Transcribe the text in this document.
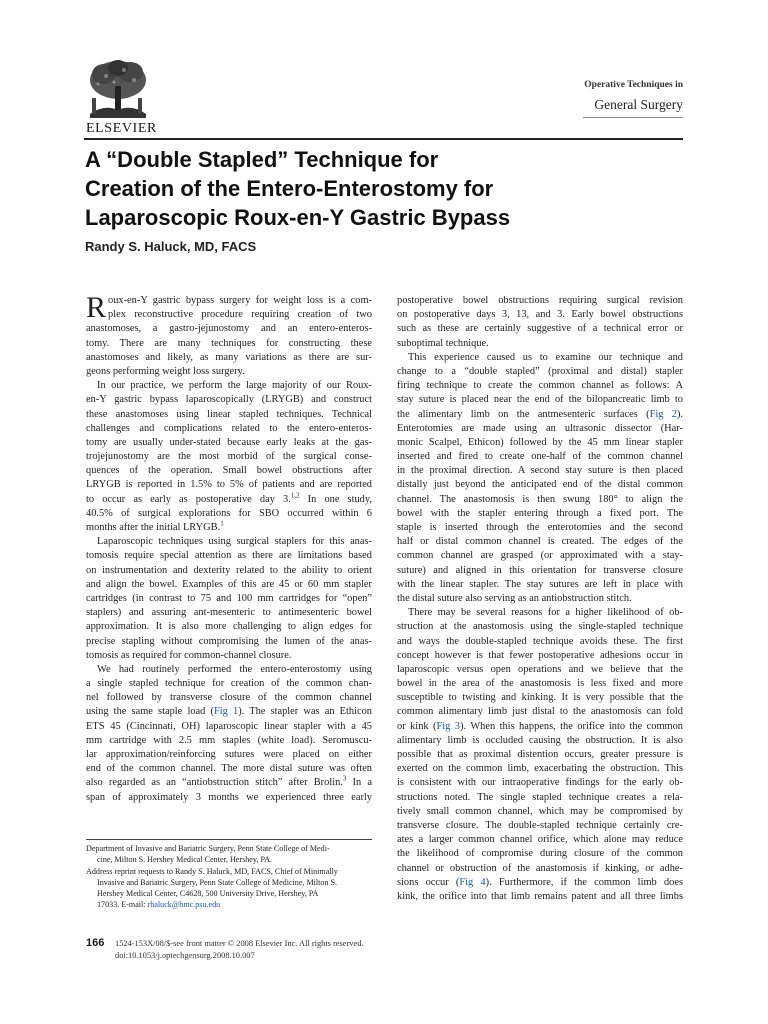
ELSEVIER
Operative Techniques in
General Surgery
A “Double Stapled” Technique for
Creation of the Entero-Enterostomy for
Laparoscopic Roux-en-Y Gastric Bypass
Randy S. Haluck, MD, FACS
R oux-en-Y gastric bypass surgery for weight loss is a com-
plex reconstructive procedure requiring creation of two
anastomoses, a gastro-jejunostomy and an entero-enteros-
tomy. There are many techniques for constructing these
anastomoses and likely, as many variations as there are sur-
geons performing weight loss surgery.
In our practice, we perform the large majority of our Roux-
en-Y gastric bypass laparoscopically (LRYGB) and construct
these anastomoses using linear stapled techniques. Technical
challenges and complications related to the entero-enteros-
tomy are usually under-stated because early leaks at the gas-
trojejunostomy are the most morbid of the surgical conse-
quences of the operation. Small bowel obstructions after
LRYGB is reported in 1.5% to 5% of patients and are reported
to occur as early as postoperative day 3.$^{1,2}$ In one study,
40.5% of surgical explorations for SBO occurred within 6
months after the initial LRYGB.$^1$
Laparoscopic techniques using surgical staplers for this anas-
tomosis require special attention as there are limitations based
on instrumentation and dexterity related to the ability to orient
and align the bowel. Examples of this are 45 or 60 mm stapler
cartridges (in contrast to 75 and 100 mm cartridges for “open”
staplers) and assuring ant-mesenteric to antimesenteric bowel
approximation. It is also more challenging to align edges for
precise stapling without compromising the lumen of the anas-
tomosis as required for common-channel closure.
We had routinely performed the entero-enterostomy using
a single stapled technique for creation of the common chan-
nel followed by transverse closure of the common channel
using the same staple load (Fig 1). The stapler was an Ethicon
ETS 45 (Cincinnati, OH) laparoscopic linear stapler with a 45
mm cartridge with 2.5 mm staples (white load). Seromuscu-
lar approximation/reinforcing sutures were placed on either
end of the common channel. The more distal suture was often
also regarded as an “antiobstruction stitch” after Brolin.$^3$ In a
span of approximately 3 months we experienced three early
postoperative bowel obstructions requiring surgical revision
on postoperative days 3, 13, and 3. Early bowel obstructions
such as these are certainly suggestive of a technical error or
suboptimal technique.
This experience caused us to examine our technique and
change to a “double stapled” (proximal and distal) stapler
firing technique to create the common channel as follows: A
stay suture is placed near the end of the bilopancreatic limb to
the alimentary limb on the antmesenteric surfaces (Fig 2).
Enterotomies are made using an ultrasonic dissector (Har-
monic Scalpel, Ethicon) followed by the 45 mm linear stapler
inserted and fired to create one-half of the common channel
in the proximal direction. A second stay suture is then placed
distally just beyond the anticipated end of the distal common
channel. The anastomosis is then swung 180° to align the
bowel with the stapler entering through a fixed port. The
staple is inserted through the enterotomies and the second
half or distal common channel is created. The edges of the
common channel are grasped (or approximated with a stay-
suture) and aligned in this orientation for transverse closure
with the linear stapler. The stay sutures are left in place with
the distal suture also serving as an antiobstruction stitch.
There may be several reasons for a higher likelihood of ob-
struction at the anastomosis using the single-stapled technique
and ways the double-stapled technique avoids these. The first
concept however is that fewer postoperative adhesions occur in
laparoscopic versus open operations and we believe that the
bowel in the area of the anastomosis is less fixed and more
susceptible to twisting and kinking. It is very possible that the
common alimentary limb just distal to the anastomosis can fold
or kink (Fig 3). When this happens, the orifice into the common
alimentary limb is occluded causing the obstruction. It is also
possible that as proximal distention occurs, greater pressure is
exerted on the common limb, exacerbating the obstruction. This
is consistent with our intraoperative findings for the early ob-
structions noted. The single stapled technique creates a rela-
tively small common channel, which may be compromised by
transverse closure. The double-stapled technique certainly cre-
ates a larger common channel orifice, which alone may reduce
the likelihood of compromise during closure of the common
channel or obstruction of the anastomosis if kinking, or adhe-
sions occur (Fig 4). Furthermore, if the common limb does
kink, the orifice into that limb remains patent and all three limbs
Department of Invasive and Bariatric Surgery, Penn State College of Medi-
cine, Milton S. Hershey Medical Center, Hershey, PA.
Address reprint requests to Randy S. Haluck, MD, FACS, Chief of Minimally
Invasive and Bariatric Surgery, Penn State College of Medicine, Milton S.
Hershey Medical Center, C4628, 500 University Drive, Hershey, PA
17033. E-mail: rhaluck@hmc.psu.edu
166 1524-153X/08/$-see front matter © 2008 Elsevier Inc. All rights reserved.
doi:10.1053/j.optechgensurg.2008.10.007
